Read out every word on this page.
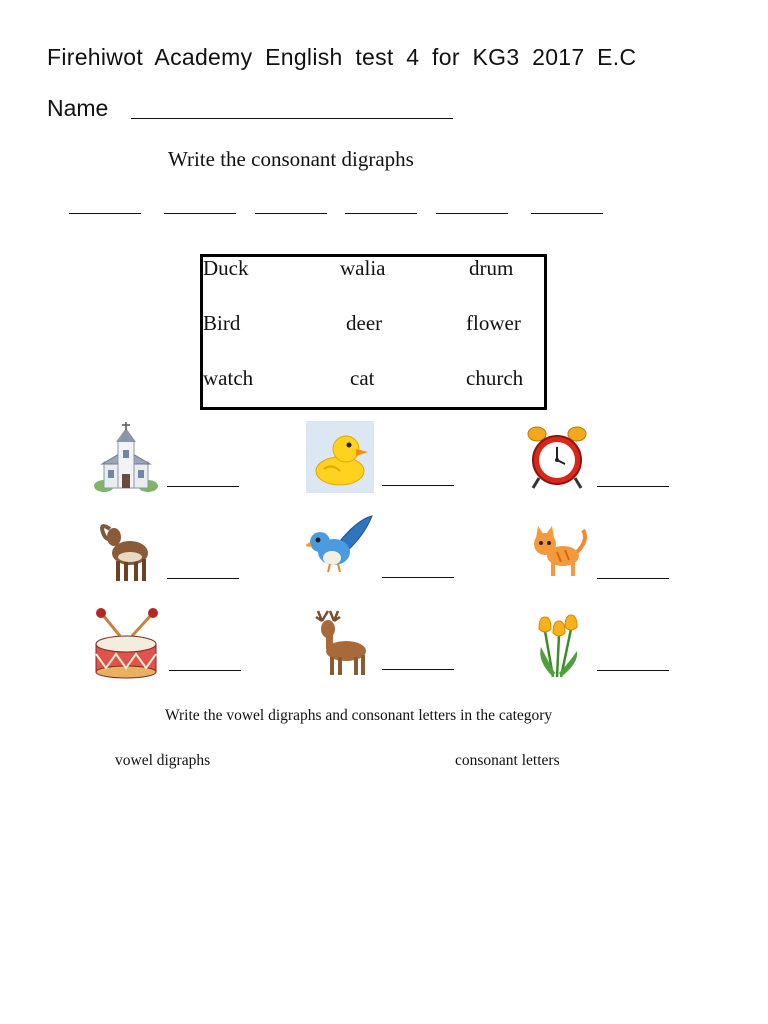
Firehiwot Academy English test 4 for KG3 2017 E.C
Name
Write the consonant digraphs
Duck	walia	drum
Bird	deer	flower
watch	cat	church
Write the vowel digraphs and consonant letters in the category
vowel digraphs	consonant letters
